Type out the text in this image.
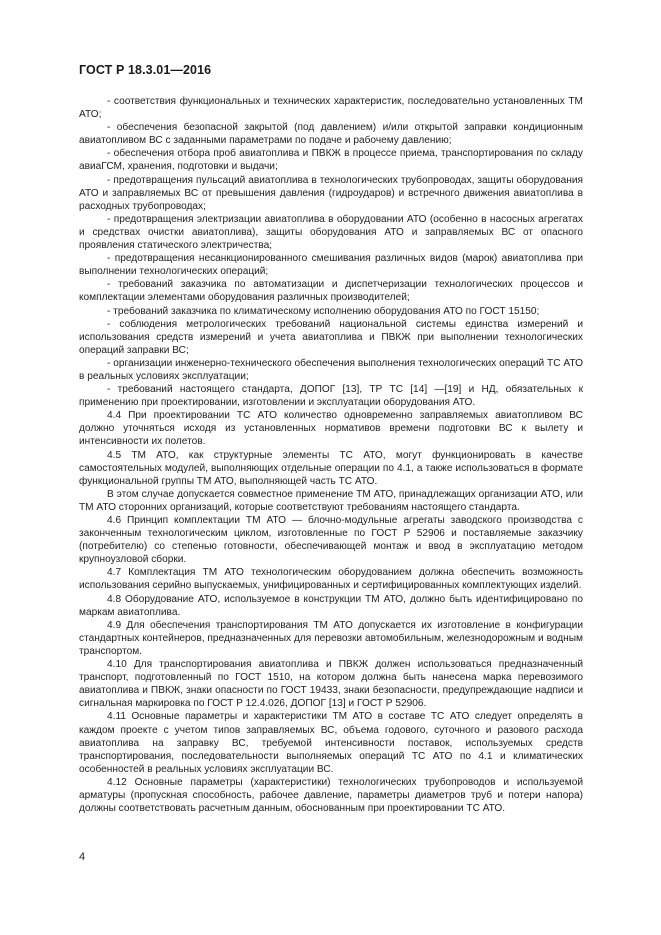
ГОСТ Р 18.3.01—2016

- соответствия функциональных и технических характеристик, последовательно установленных ТМ АТО;

- обеспечения безопасной закрытой (под давлением) и/или открытой заправки кондиционным авиатопливом ВС с заданными параметрами по подаче и рабочему давлению;

- обеспечения отбора проб авиатоплива и ПВКЖ в процессе приема, транспортирования по складу авиаГСМ, хранения, подготовки и выдачи;

- предотвращения пульсаций авиатоплива в технологических трубопроводах, защиты оборудования АТО и заправляемых ВС от превышения давления (гидроударов) и встречного движения авиатоплива в расходных трубопроводах;

- предотвращения электризации авиатоплива в оборудовании АТО (особенно в насосных агрегатах и средствах очистки авиатоплива), защиты оборудования АТО и заправляемых ВС от опасного проявления статического электричества;

- предотвращения несанкционированного смешивания различных видов (марок) авиатоплива при выполнении технологических операций;

- требований заказчика по автоматизации и диспетчеризации технологических процессов и комплектации элементами оборудования различных производителей;

- требований заказчика по климатическому исполнению оборудования АТО по ГОСТ 15150;

- соблюдения метрологических требований национальной системы единства измерений и использования средств измерений и учета авиатоплива и ПВКЖ при выполнении технологических операций заправки ВС;

- организации инженерно-технического обеспечения выполнения технологических операций ТС АТО в реальных условиях эксплуатации;

- требований настоящего стандарта, ДОПОГ [13], ТР ТС [14] —[19] и НД, обязательных к применению при проектировании, изготовлении и эксплуатации оборудования АТО.

4.4 При проектировании ТС АТО количество одновременно заправляемых авиатопливом ВС должно уточняться исходя из установленных нормативов времени подготовки ВС к вылету и интенсивности их полетов.

4.5 ТМ АТО, как структурные элементы ТС АТО, могут функционировать в качестве самостоятельных модулей, выполняющих отдельные операции по 4.1, а также использоваться в формате функциональной группы ТМ АТО, выполняющей часть ТС АТО.

В этом случае допускается совместное применение ТМ АТО, принадлежащих организации АТО, или ТМ АТО сторонних организаций, которые соответствуют требованиям настоящего стандарта.

4.6 Принцип комплектации ТМ АТО — блочно-модульные агрегаты заводского производства с законченным технологическим циклом, изготовленные по ГОСТ Р 52906 и поставляемые заказчику (потребителю) со степенью готовности, обеспечивающей монтаж и ввод в эксплуатацию методом крупноузловой сборки.

4.7 Комплектация ТМ АТО технологическим оборудованием должна обеспечить возможность использования серийно выпускаемых, унифицированных и сертифицированных комплектующих изделий.

4.8 Оборудование АТО, используемое в конструкции ТМ АТО, должно быть идентифицировано по маркам авиатоплива.

4.9 Для обеспечения транспортирования ТМ АТО допускается их изготовление в конфигурации стандартных контейнеров, предназначенных для перевозки автомобильным, железнодорожным и водным транспортом.

4.10 Для транспортирования авиатоплива и ПВКЖ должен использоваться предназначенный транспорт, подготовленный по ГОСТ 1510, на котором должна быть нанесена марка перевозимого авиатоплива и ПВКЖ, знаки опасности по ГОСТ 19433, знаки безопасности, предупреждающие надписи и сигнальная маркировка по ГОСТ Р 12.4.026, ДОПОГ [13] и ГОСТ Р 52906.

4.11 Основные параметры и характеристики ТМ АТО в составе ТС АТО следует определять в каждом проекте с учетом типов заправляемых ВС, объема годового, суточного и разового расхода авиатоплива на заправку ВС, требуемой интенсивности поставок, используемых средств транспортирования, последовательности выполняемых операций ТС АТО по 4.1 и климатических особенностей в реальных условиях эксплуатации ВС.

4.12 Основные параметры (характеристики) технологических трубопроводов и используемой арматуры (пропускная способность, рабочее давление, параметры диаметров труб и потери напора) должны соответствовать расчетным данным, обоснованным при проектировании ТС АТО.

4
